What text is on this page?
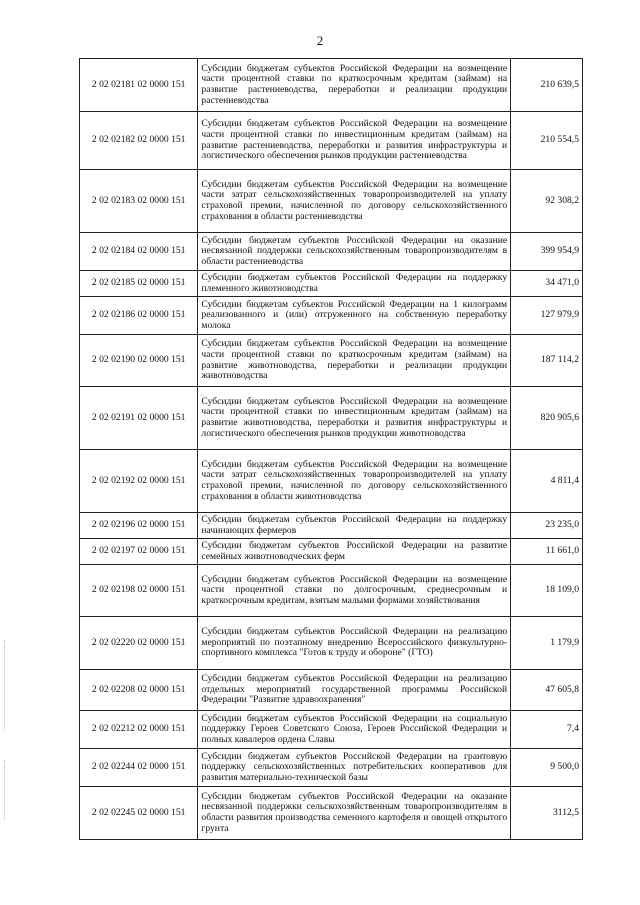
2
2 02 02181 02 0000 151	Субсидии бюджетам субъектов Российской Федерации на возмещение части процентной ставки по краткосрочным кредитам (займам) на развитие растениеводства, переработки и реализации продукции растениеводства	210 639,5
2 02 02182 02 0000 151	Субсидии бюджетам субъектов Российской Федерации на возмещение части процентной ставки по инвестиционным кредитам (займам) на развитие растениеводства, переработки и развития инфраструктуры и логистического обеспечения рынков продукции растениеводства	210 554,5
2 02 02183 02 0000 151	Субсидии бюджетам субъектов Российской Федерации на возмещение части затрат сельскохозяйственных товаропроизводителей на уплату страховой премии, начисленной по договору сельскохозяйственного страхования в области растениеводства	92 308,2
2 02 02184 02 0000 151	Субсидии бюджетам субъектов Российской Федерации на оказание несвязанной поддержки сельскохозяйственным товаропроизводителям в области растениеводства	399 954,9
2 02 02185 02 0000 151	Субсидии бюджетам субъектов Российской Федерации на поддержку племенного животноводства	34 471,0
2 02 02186 02 0000 151	Субсидии бюджетам субъектов Российской Федерации на 1 килограмм реализованного и (или) отгруженного на собственную переработку молока	127 979,9
2 02 02190 02 0000 151	Субсидии бюджетам субъектов Российской Федерации на возмещение части процентной ставки по краткосрочным кредитам (займам) на развитие животноводства, переработки и реализации продукции животноводства	187 114,2
2 02 02191 02 0000 151	Субсидии бюджетам субъектов Российской Федерации на возмещение части процентной ставки по инвестиционным кредитам (займам) на развитие животноводства, переработки и развития инфраструктуры и логистического обеспечения рынков продукции животноводства	820 905,6
2 02 02192 02 0000 151	Субсидии бюджетам субъектов Российской Федерации на возмещение части затрат сельскохозяйственных товаропроизводителей на уплату страховой премии, начисленной по договору сельскохозяйственного страхования в области животноводства	4 811,4
2 02 02196 02 0000 151	Субсидии бюджетам субъектов Российской Федерации на поддержку начинающих фермеров	23 235,0
2 02 02197 02 0000 151	Субсидии бюджетам субъектов Российской Федерации на развитие семейных животноводческих ферм	11 661,0
2 02 02198 02 0000 151	Субсидии бюджетам субъектов Российской Федерации на возмещение части процентной ставки по долгосрочным, среднесрочным и краткосрочным кредитам, взятым малыми формами хозяйствования	18 109,0
2 02 02220 02 0000 151	Субсидии бюджетам субъектов Российской Федерации на реализацию мероприятий по поэтапному внедрению Всероссийского физкультурно-спортивного комплекса "Готов к труду и обороне" (ГТО)	1 179,9
2 02 02208 02 0000 151	Субсидии бюджетам субъектов Российской Федерации на реализацию отдельных мероприятий государственной программы Российской Федерации "Развитие здравоохранения"	47 605,8
2 02 02212 02 0000 151	Субсидии бюджетам субъектов Российской Федерации на социальную поддержку Героев Советского Союза, Героев Российской Федерации и полных кавалеров ордена Славы	7,4
2 02 02244 02 0000 151	Субсидии бюджетам субъектов Российской Федерации на грантовую поддержку сельскохозяйственных потребительских кооперативов для развития материально-технической базы	9 500,0
2 02 02245 02 0000 151	Субсидии бюджетам субъектов Российской Федерации на оказание несвязанной поддержки сельскохозяйственным товаропроизводителям в области развития производства семенного картофеля и овощей открытого грунта	3112,5
